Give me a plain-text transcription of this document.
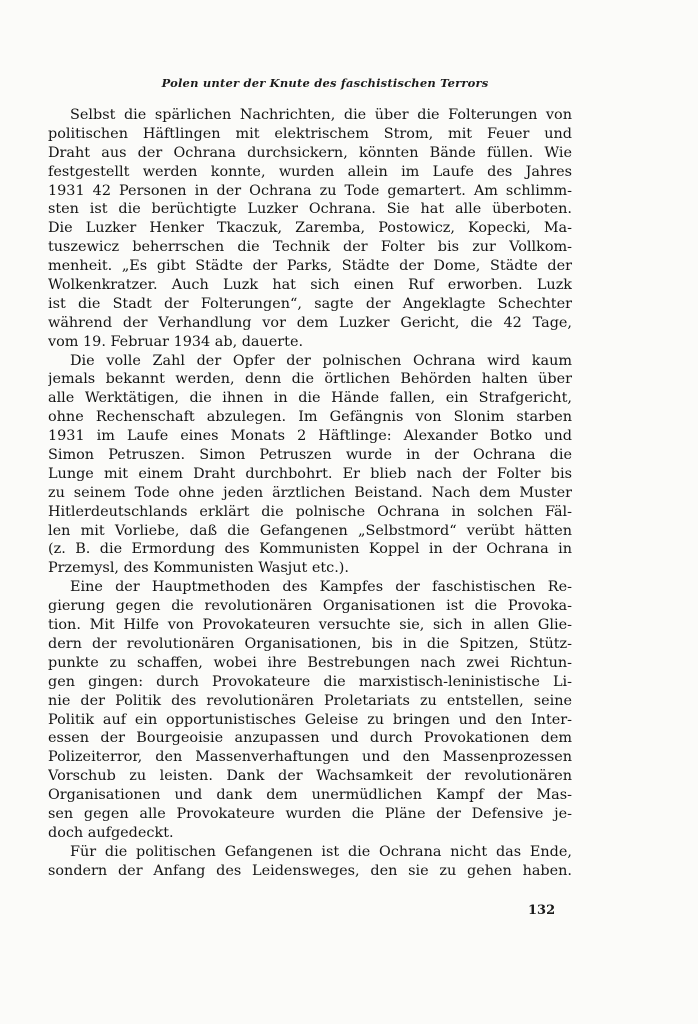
Polen unter der Knute des faschistischen Terrors
Selbst die spärlichen Nachrichten, die über die Folterungen von
politischen Häftlingen mit elektrischem Strom, mit Feuer und
Draht aus der Ochrana durchsickern, könnten Bände füllen. Wie
festgestellt werden konnte, wurden allein im Laufe des Jahres
1931 42 Personen in der Ochrana zu Tode gemartert. Am schlimm-
sten ist die berüchtigte Luzker Ochrana. Sie hat alle überboten.
Die Luzker Henker Tkaczuk, Zaremba, Postowicz, Kopecki, Ma-
tuszewicz beherrschen die Technik der Folter bis zur Vollkom-
menheit. „Es gibt Städte der Parks, Städte der Dome, Städte der
Wolkenkratzer. Auch Luzk hat sich einen Ruf erworben. Luzk
ist die Stadt der Folterungen“, sagte der Angeklagte Schechter
während der Verhandlung vor dem Luzker Gericht, die 42 Tage,
vom 19. Februar 1934 ab, dauerte.
Die volle Zahl der Opfer der polnischen Ochrana wird kaum
jemals bekannt werden, denn die örtlichen Behörden halten über
alle Werktätigen, die ihnen in die Hände fallen, ein Strafgericht,
ohne Rechenschaft abzulegen. Im Gefängnis von Slonim starben
1931 im Laufe eines Monats 2 Häftlinge: Alexander Botko und
Simon Petruszen. Simon Petruszen wurde in der Ochrana die
Lunge mit einem Draht durchbohrt. Er blieb nach der Folter bis
zu seinem Tode ohne jeden ärztlichen Beistand. Nach dem Muster
Hitlerdeutschlands erklärt die polnische Ochrana in solchen Fäl-
len mit Vorliebe, daß die Gefangenen „Selbstmord“ verübt hätten
(z. B. die Ermordung des Kommunisten Koppel in der Ochrana in
Przemysl, des Kommunisten Wasjut etc.).
Eine der Hauptmethoden des Kampfes der faschistischen Re-
gierung gegen die revolutionären Organisationen ist die Provoka-
tion. Mit Hilfe von Provokateuren versuchte sie, sich in allen Glie-
dern der revolutionären Organisationen, bis in die Spitzen, Stütz-
punkte zu schaffen, wobei ihre Bestrebungen nach zwei Richtun-
gen gingen: durch Provokateure die marxistisch-leninistische Li-
nie der Politik des revolutionären Proletariats zu entstellen, seine
Politik auf ein opportunistisches Geleise zu bringen und den Inter-
essen der Bourgeoisie anzupassen und durch Provokationen dem
Polizeiterror, den Massenverhaftungen und den Massenprozessen
Vorschub zu leisten. Dank der Wachsamkeit der revolutionären
Organisationen und dank dem unermüdlichen Kampf der Mas-
sen gegen alle Provokateure wurden die Pläne der Defensive je-
doch aufgedeckt.
Für die politischen Gefangenen ist die Ochrana nicht das Ende,
sondern der Anfang des Leidensweges, den sie zu gehen haben.
132
